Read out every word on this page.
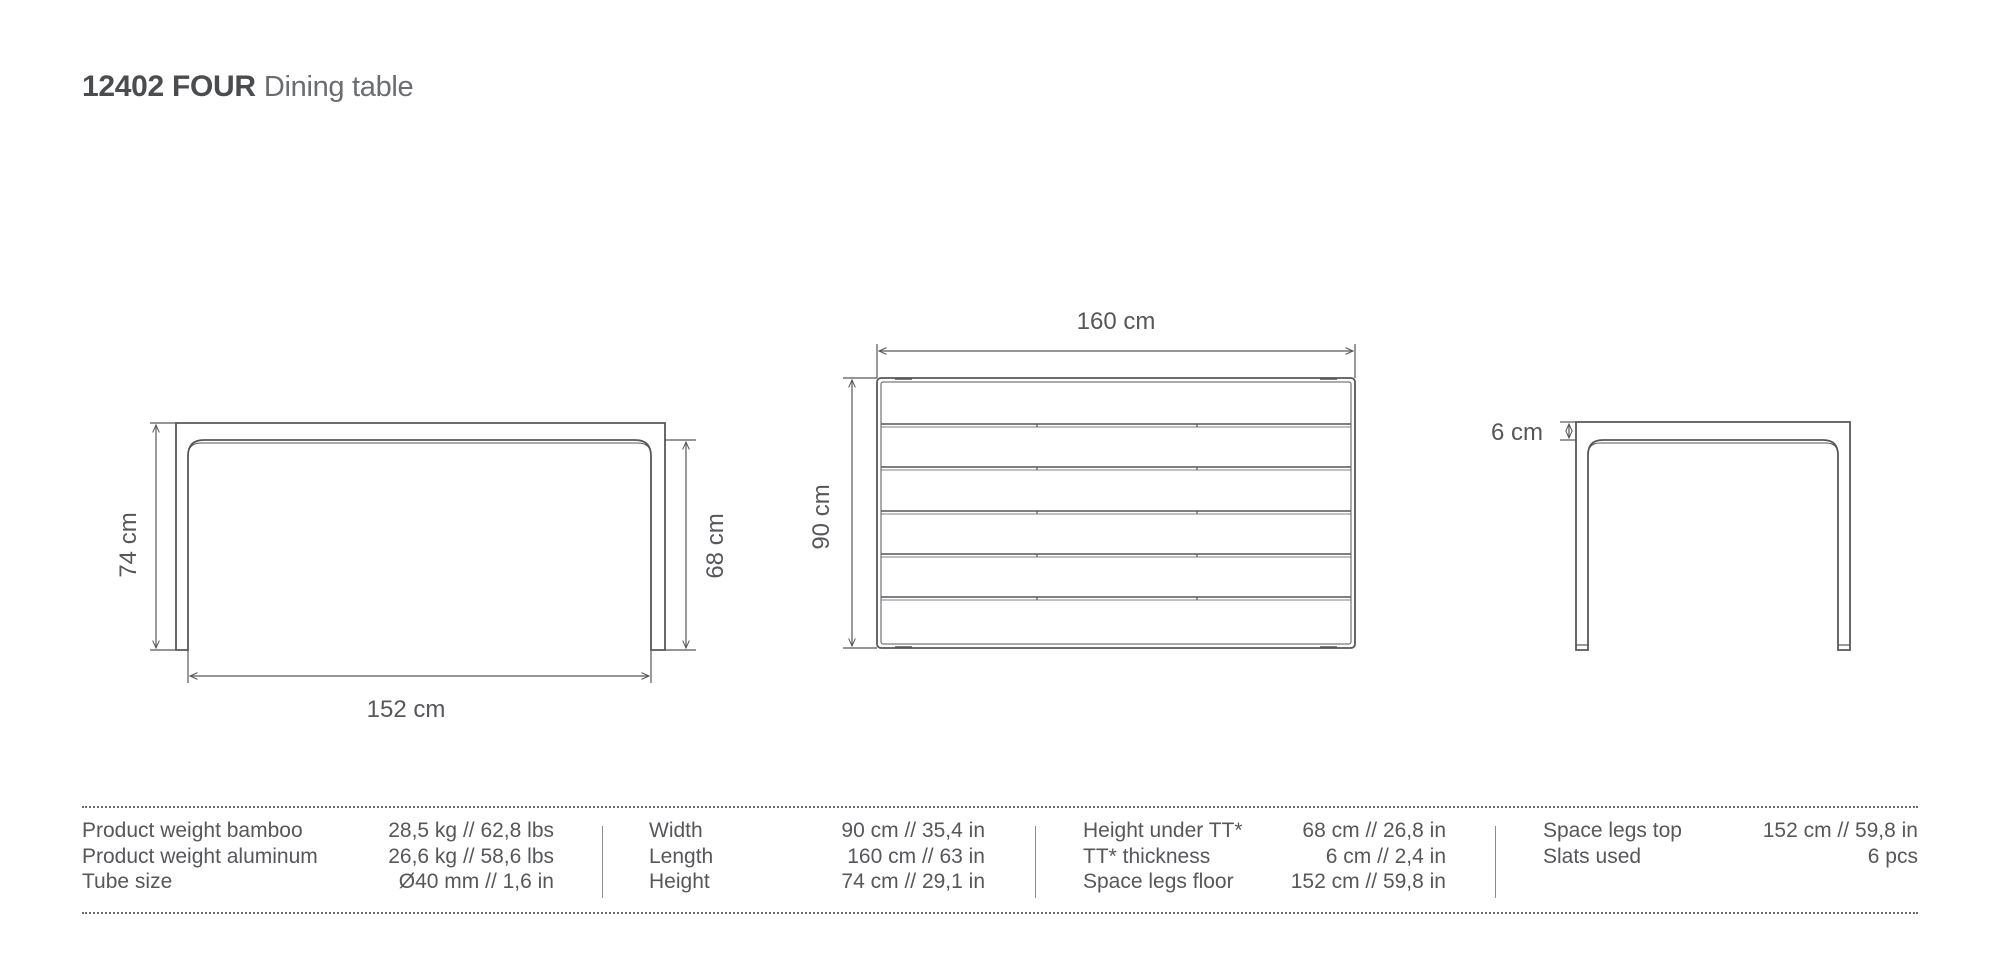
12402 FOUR Dining table
74 cm	68 cm
152 cm
160 cm
90 cm
6 cm
Product weight bamboo	28,5 kg // 62,8 lbs
Product weight aluminum	26,6 kg // 58,6 lbs
Tube size	Ø40 mm // 1,6 in
Width	90 cm // 35,4 in
Length	160 cm // 63 in
Height	74 cm // 29,1 in
Height under TT*	68 cm // 26,8 in
TT* thickness	6 cm // 2,4 in
Space legs floor	152 cm // 59,8 in
Space legs top	152 cm // 59,8 in
Slats used	6 pcs
